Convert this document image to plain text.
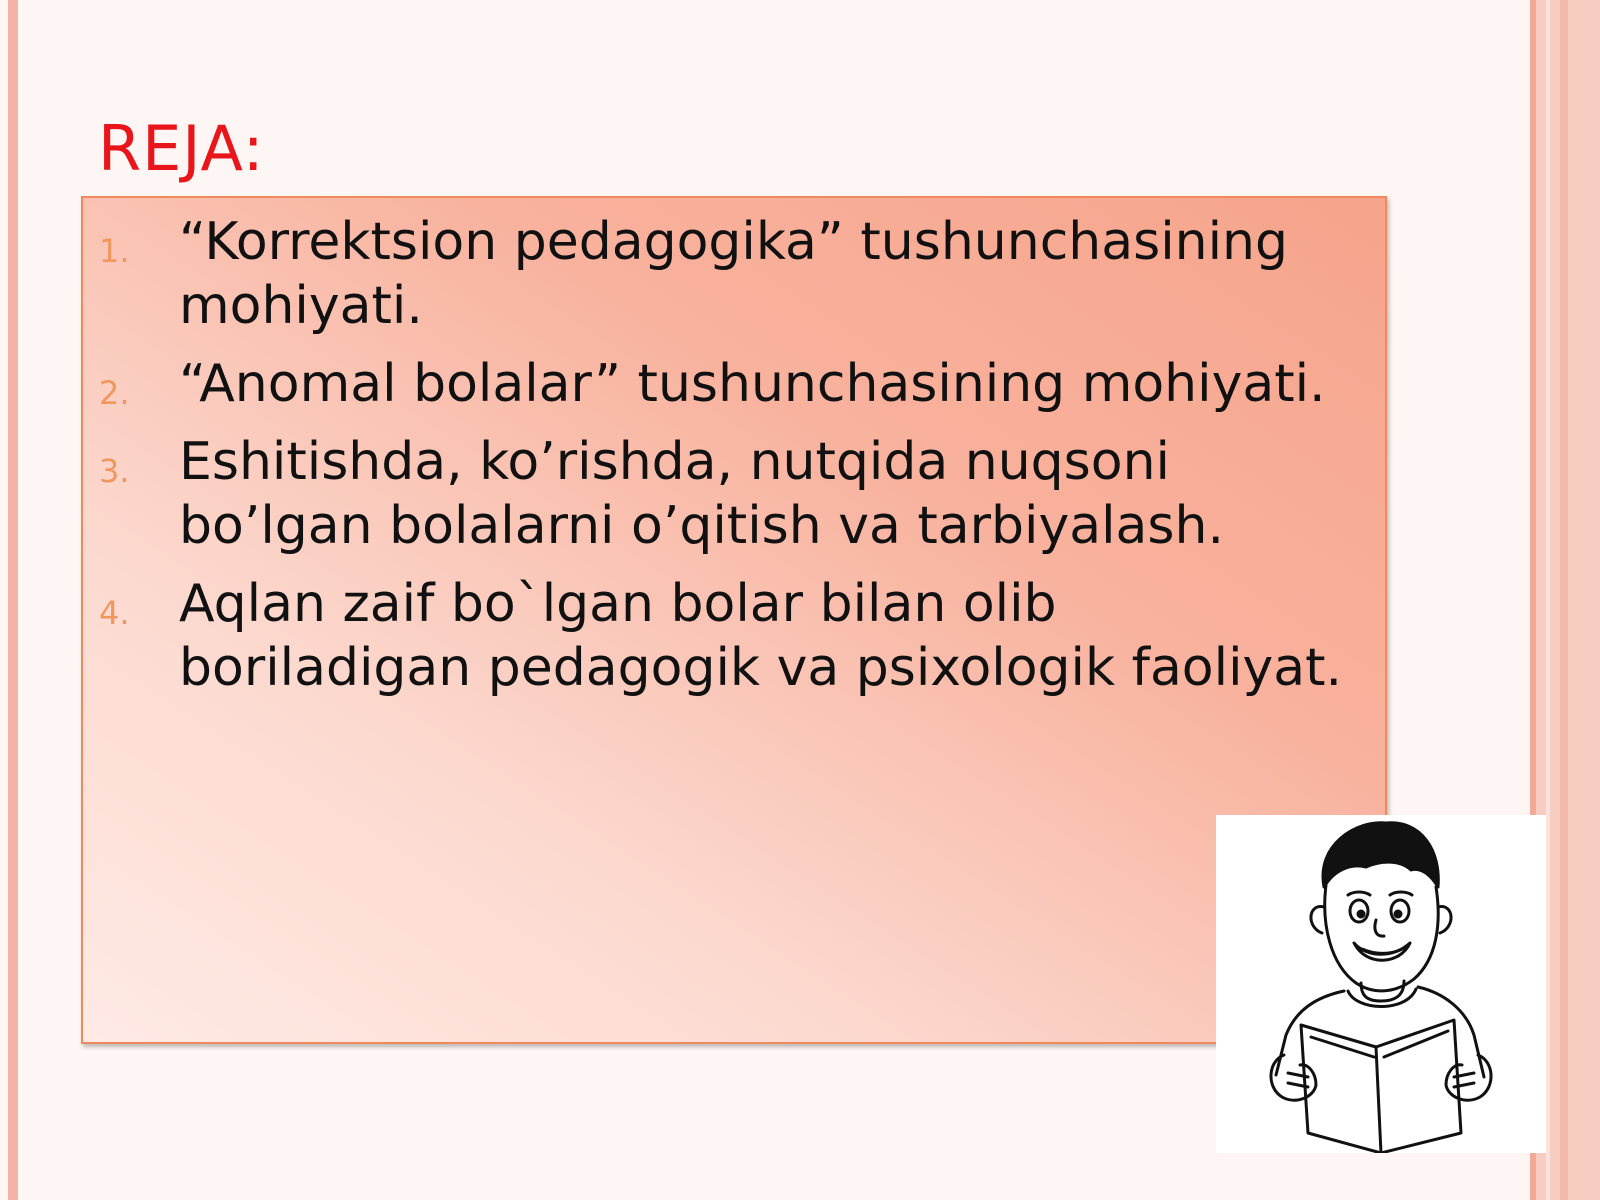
REJA:
1. “Korrektsion pedagogika” tushunchasining mohiyati.
2. “Anomal bolalar” tushunchasining mohiyati.
3. Eshitishda, ko’rishda, nutqida nuqsoni bo’lgan bolalarni o’qitish va tarbiyalash.
4. Aqlan zaif bo`lgan bolar bilan olib boriladigan pedagogik va psixologik faoliyat.
